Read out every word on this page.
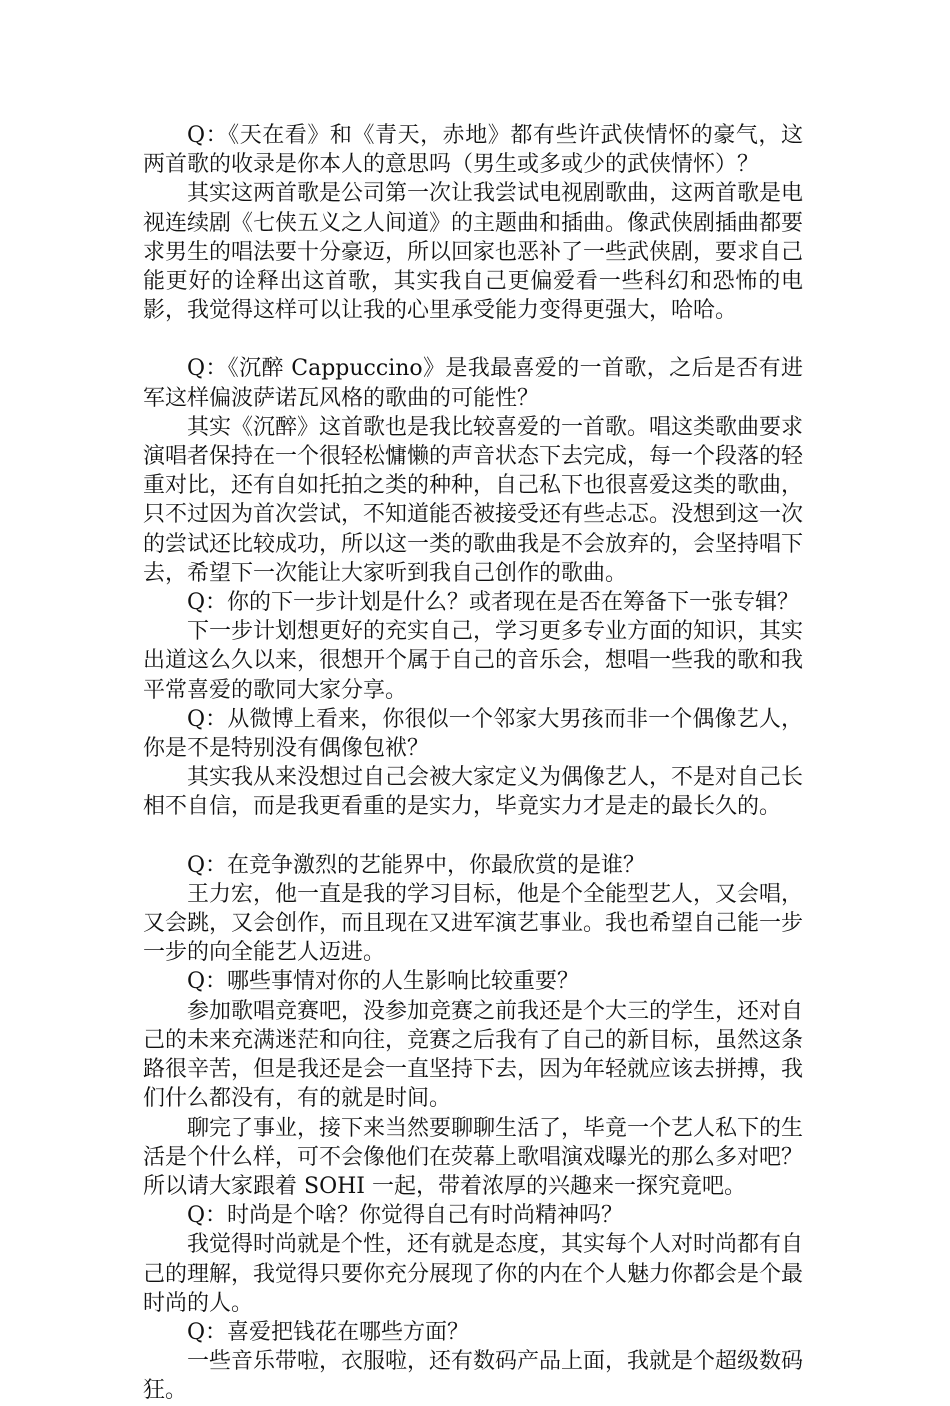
Q：《天在看》和《青天，赤地》都有些许武侠情怀的豪气，这两首歌的收录是你本人的意思吗（男生或多或少的武侠情怀）？

其实这两首歌是公司第一次让我尝试电视剧歌曲，这两首歌是电视连续剧《七侠五义之人间道》的主题曲和插曲。像武侠剧插曲都要求男生的唱法要十分豪迈，所以回家也恶补了一些武侠剧，要求自己能更好的诠释出这首歌，其实我自己更偏爱看一些科幻和恐怖的电影，我觉得这样可以让我的心里承受能力变得更强大，哈哈。

Q：《沉醉 Cappuccino》是我最喜爱的一首歌，之后是否有进军这样偏波萨诺瓦风格的歌曲的可能性？

其实《沉醉》这首歌也是我比较喜爱的一首歌。唱这类歌曲要求演唱者保持在一个很轻松慵懒的声音状态下去完成，每一个段落的轻重对比，还有自如托拍之类的种种，自己私下也很喜爱这类的歌曲，只不过因为首次尝试，不知道能否被接受还有些忐忑。没想到这一次的尝试还比较成功，所以这一类的歌曲我是不会放弃的，会坚持唱下去，希望下一次能让大家听到我自己创作的歌曲。

Q：你的下一步计划是什么？或者现在是否在筹备下一张专辑？

下一步计划想更好的充实自己，学习更多专业方面的知识，其实出道这么久以来，很想开个属于自己的音乐会，想唱一些我的歌和我平常喜爱的歌同大家分享。

Q：从微博上看来，你很似一个邻家大男孩而非一个偶像艺人，你是不是特别没有偶像包袱？

其实我从来没想过自己会被大家定义为偶像艺人，不是对自己长相不自信，而是我更看重的是实力，毕竟实力才是走的最长久的。

Q：在竞争激烈的艺能界中，你最欣赏的是谁？

王力宏，他一直是我的学习目标，他是个全能型艺人，又会唱，又会跳，又会创作，而且现在又进军演艺事业。我也希望自己能一步一步的向全能艺人迈进。

Q：哪些事情对你的人生影响比较重要？

参加歌唱竞赛吧，没参加竞赛之前我还是个大三的学生，还对自己的未来充满迷茫和向往，竞赛之后我有了自己的新目标，虽然这条路很辛苦，但是我还是会一直坚持下去，因为年轻就应该去拼搏，我们什么都没有，有的就是时间。

聊完了事业，接下来当然要聊聊生活了，毕竟一个艺人私下的生活是个什么样，可不会像他们在荧幕上歌唱演戏曝光的那么多对吧？所以请大家跟着 SOHI 一起，带着浓厚的兴趣来一探究竟吧。

Q：时尚是个啥？你觉得自己有时尚精神吗？

我觉得时尚就是个性，还有就是态度，其实每个人对时尚都有自己的理解，我觉得只要你充分展现了你的内在个人魅力你都会是个最时尚的人。

Q：喜爱把钱花在哪些方面？

一些音乐带啦，衣服啦，还有数码产品上面，我就是个超级数码狂。
